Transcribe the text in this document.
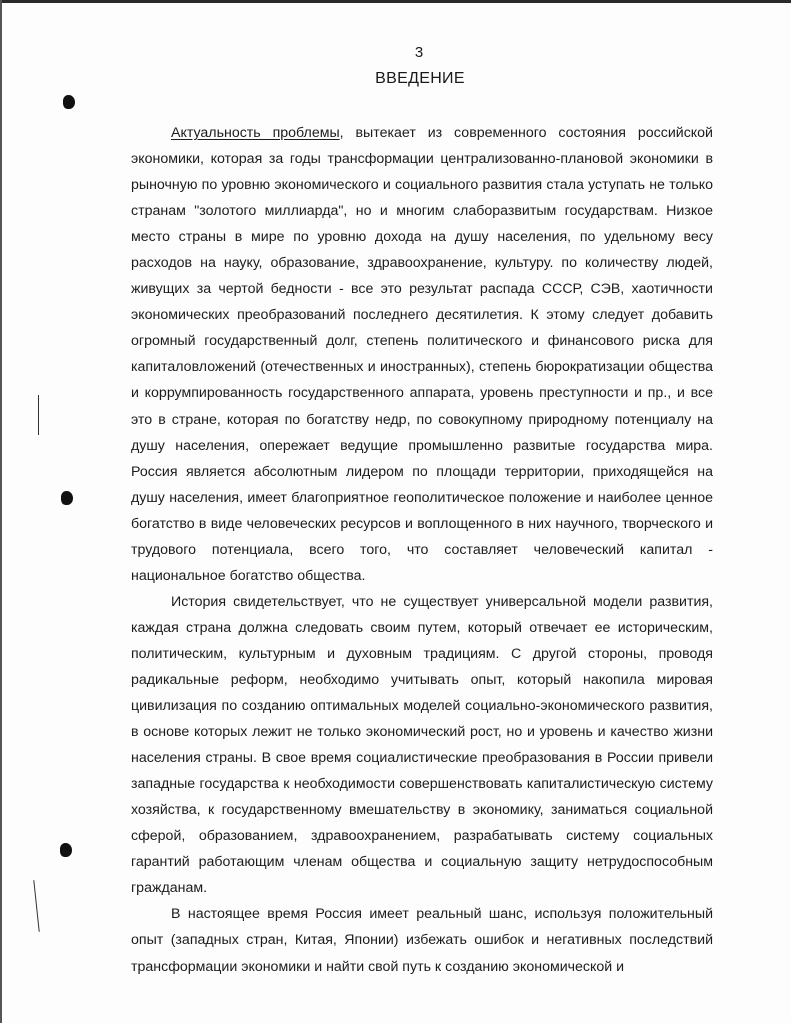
3
ВВЕДЕНИЕ

Актуальность проблемы, вытекает из современного состояния российской экономики, которая за годы трансформации централизованно-плановой экономики в рыночную по уровню экономического и социального развития стала уступать не только странам "золотого миллиарда", но и многим слаборазвитым государствам. Низкое место страны в мире по уровню дохода на душу населения, по удельному весу расходов на науку, образование, здравоохранение, культуру. по количеству людей, живущих за чертой бедности - все это результат распада СССР, СЭВ, хаотичности экономических преобразований последнего десятилетия. К этому следует добавить огромный государственный долг, степень политического и финансового риска для капиталовложений (отечественных и иностранных), степень бюрократизации общества и коррумпированность государственного аппарата, уровень преступности и пр., и все это в стране, которая по богатству недр, по совокупному природному потенциалу на душу населения, опережает ведущие промышленно развитые государства мира. Россия является абсолютным лидером по площади территории, приходящейся на душу населения, имеет благоприятное геополитическое положение и наиболее ценное богатство в виде человеческих ресурсов и воплощенного в них научного, творческого и трудового потенциала, всего того, что составляет человеческий капитал - национальное богатство общества.

История свидетельствует, что не существует универсальной модели развития, каждая страна должна следовать своим путем, который отвечает ее историческим, политическим, культурным и духовным традициям. С другой стороны, проводя радикальные реформ, необходимо учитывать опыт, который накопила мировая цивилизация по созданию оптимальных моделей социально-экономического развития, в основе которых лежит не только экономический рост, но и уровень и качество жизни населения страны. В свое время социалистические преобразования в России привели западные государства к необходимости совершенствовать капиталистическую систему хозяйства, к государственному вмешательству в экономику, заниматься социальной сферой, образованием, здравоохранением, разрабатывать систему социальных гарантий работающим членам общества и социальную защиту нетрудоспособным гражданам.

В настоящее время Россия имеет реальный шанс, используя положительный опыт (западных стран, Китая, Японии) избежать ошибок и негативных последствий трансформации экономики и найти свой путь к созданию экономической и
